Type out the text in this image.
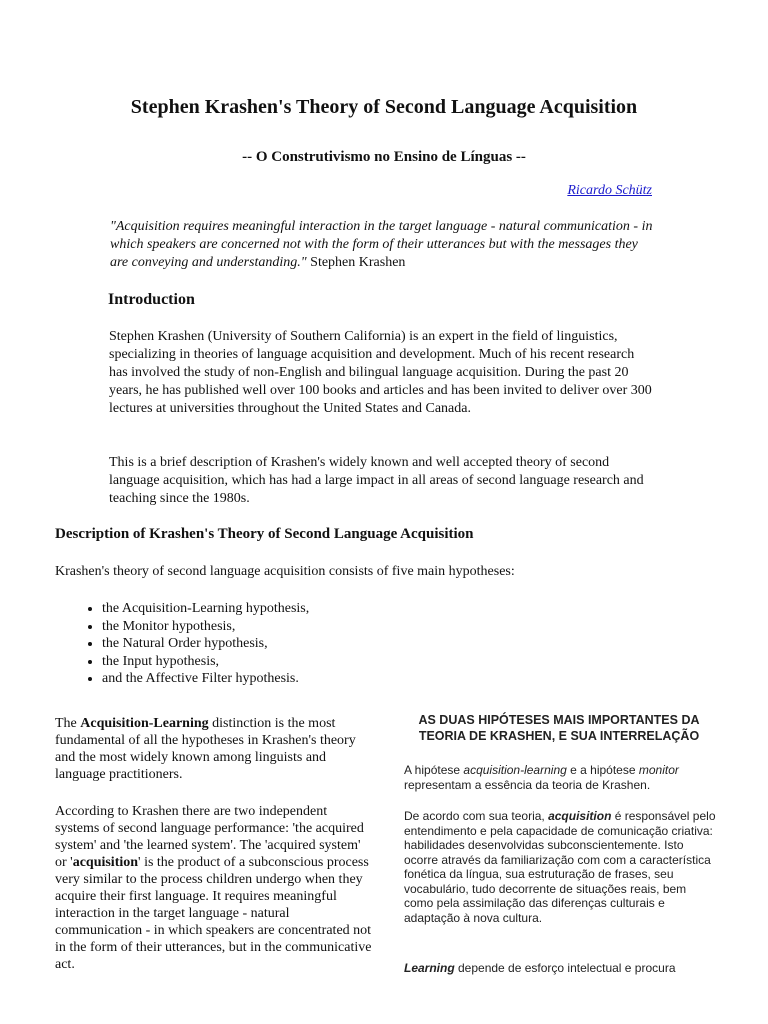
Stephen Krashen's Theory of Second Language Acquisition
-- O Construtivismo no Ensino de Línguas --
Ricardo Schütz
"Acquisition requires meaningful interaction in the target language - natural communication - in which speakers are concerned not with the form of their utterances but with the messages they are conveying and understanding." Stephen Krashen
Introduction
Stephen Krashen (University of Southern California) is an expert in the field of linguistics, specializing in theories of language acquisition and development. Much of his recent research has involved the study of non-English and bilingual language acquisition. During the past 20 years, he has published well over 100 books and articles and has been invited to deliver over 300 lectures at universities throughout the United States and Canada.
This is a brief description of Krashen's widely known and well accepted theory of second language acquisition, which has had a large impact in all areas of second language research and teaching since the 1980s.
Description of Krashen's Theory of Second Language Acquisition
Krashen's theory of second language acquisition consists of five main hypotheses:
• the Acquisition-Learning hypothesis,
• the Monitor hypothesis,
• the Natural Order hypothesis,
• the Input hypothesis,
• and the Affective Filter hypothesis.
The Acquisition-Learning distinction is the most fundamental of all the hypotheses in Krashen's theory and the most widely known among linguists and language practitioners.
According to Krashen there are two independent systems of second language performance: 'the acquired system' and 'the learned system'. The 'acquired system' or 'acquisition' is the product of a subconscious process very similar to the process children undergo when they acquire their first language. It requires meaningful interaction in the target language - natural communication - in which speakers are concentrated not in the form of their utterances, but in the communicative act.
AS DUAS HIPÓTESES MAIS IMPORTANTES DA TEORIA DE KRASHEN, E SUA INTERRELAÇÃO
A hipótese acquisition-learning e a hipótese monitor representam a essência da teoria de Krashen.
De acordo com sua teoria, acquisition é responsável pelo entendimento e pela capacidade de comunicação criativa: habilidades desenvolvidas subconscientemente. Isto ocorre através da familiarização com com a característica fonética da língua, sua estruturação de frases, seu vocabulário, tudo decorrente de situações reais, bem como pela assimilação das diferenças culturais e adaptação à nova cultura.
Learning depende de esforço intelectual e procura
